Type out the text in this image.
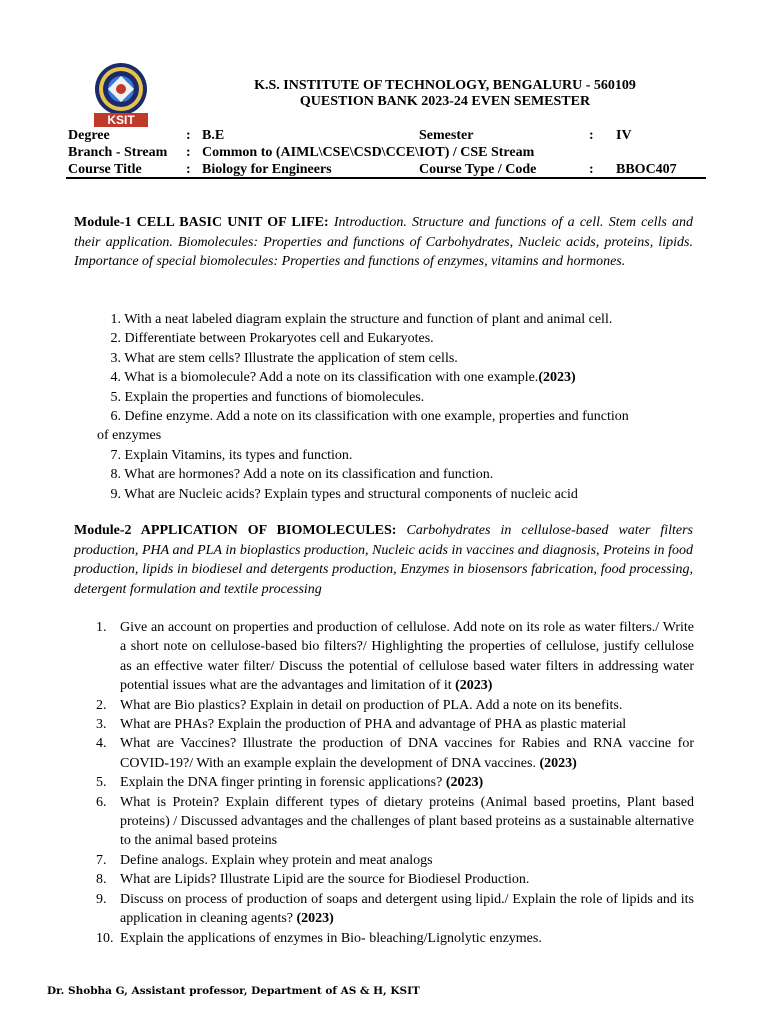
KSIT
K.S. INSTITUTE OF TECHNOLOGY, BENGALURU - 560109
QUESTION BANK 2023-24 EVEN SEMESTER
Degree	: B.E	Semester	: IV
Branch - Stream : Common to (AIML\CSE\CSD\CCE\IOT) / CSE Stream
Course Title	: Biology for Engineers	Course Type / Code	: BBOC407
Module-1 CELL BASIC UNIT OF LIFE: Introduction. Structure and functions of a cell. Stem cells and their application. Biomolecules: Properties and functions of Carbohydrates, Nucleic acids, proteins, lipids. Importance of special biomolecules: Properties and functions of enzymes, vitamins and hormones.
1. With a neat labeled diagram explain the structure and function of plant and animal cell.
2. Differentiate between Prokaryotes cell and Eukaryotes.
3. What are stem cells? Illustrate the application of stem cells.
4. What is a biomolecule? Add a note on its classification with one example.(2023)
5. Explain the properties and functions of biomolecules.
6. Define enzyme. Add a note on its classification with one example, properties and function
of enzymes
7. Explain Vitamins, its types and function.
8. What are hormones? Add a note on its classification and function.
9. What are Nucleic acids? Explain types and structural components of nucleic acid
Module-2 APPLICATION OF BIOMOLECULES: Carbohydrates in cellulose-based water filters production, PHA and PLA in bioplastics production, Nucleic acids in vaccines and diagnosis, Proteins in food production, lipids in biodiesel and detergents production, Enzymes in biosensors fabrication, food processing, detergent formulation and textile processing
1. Give an account on properties and production of cellulose. Add note on its role as water filters./ Write a short note on cellulose-based bio filters?/ Highlighting the properties of cellulose, justify cellulose as an effective water filter/ Discuss the potential of cellulose based water filters in addressing water potential issues what are the advantages and limitation of it (2023)
2. What are Bio plastics? Explain in detail on production of PLA. Add a note on its benefits.
3. What are PHAs? Explain the production of PHA and advantage of PHA as plastic material
4. What are Vaccines? Illustrate the production of DNA vaccines for Rabies and RNA vaccine for COVID-19?/ With an example explain the development of DNA vaccines. (2023)
5. Explain the DNA finger printing in forensic applications? (2023)
6. What is Protein? Explain different types of dietary proteins (Animal based proetins, Plant based proteins) / Discussed advantages and the challenges of plant based proteins as a sustainable alternative to the animal based proteins
7. Define analogs. Explain whey protein and meat analogs
8. What are Lipids? Illustrate Lipid are the source for Biodiesel Production.
9. Discuss on process of production of soaps and detergent using lipid./ Explain the role of lipids and its application in cleaning agents? (2023)
10. Explain the applications of enzymes in Bio- bleaching/Lignolytic enzymes.
Dr. Shobha G, Assistant professor, Department of AS & H, KSIT
